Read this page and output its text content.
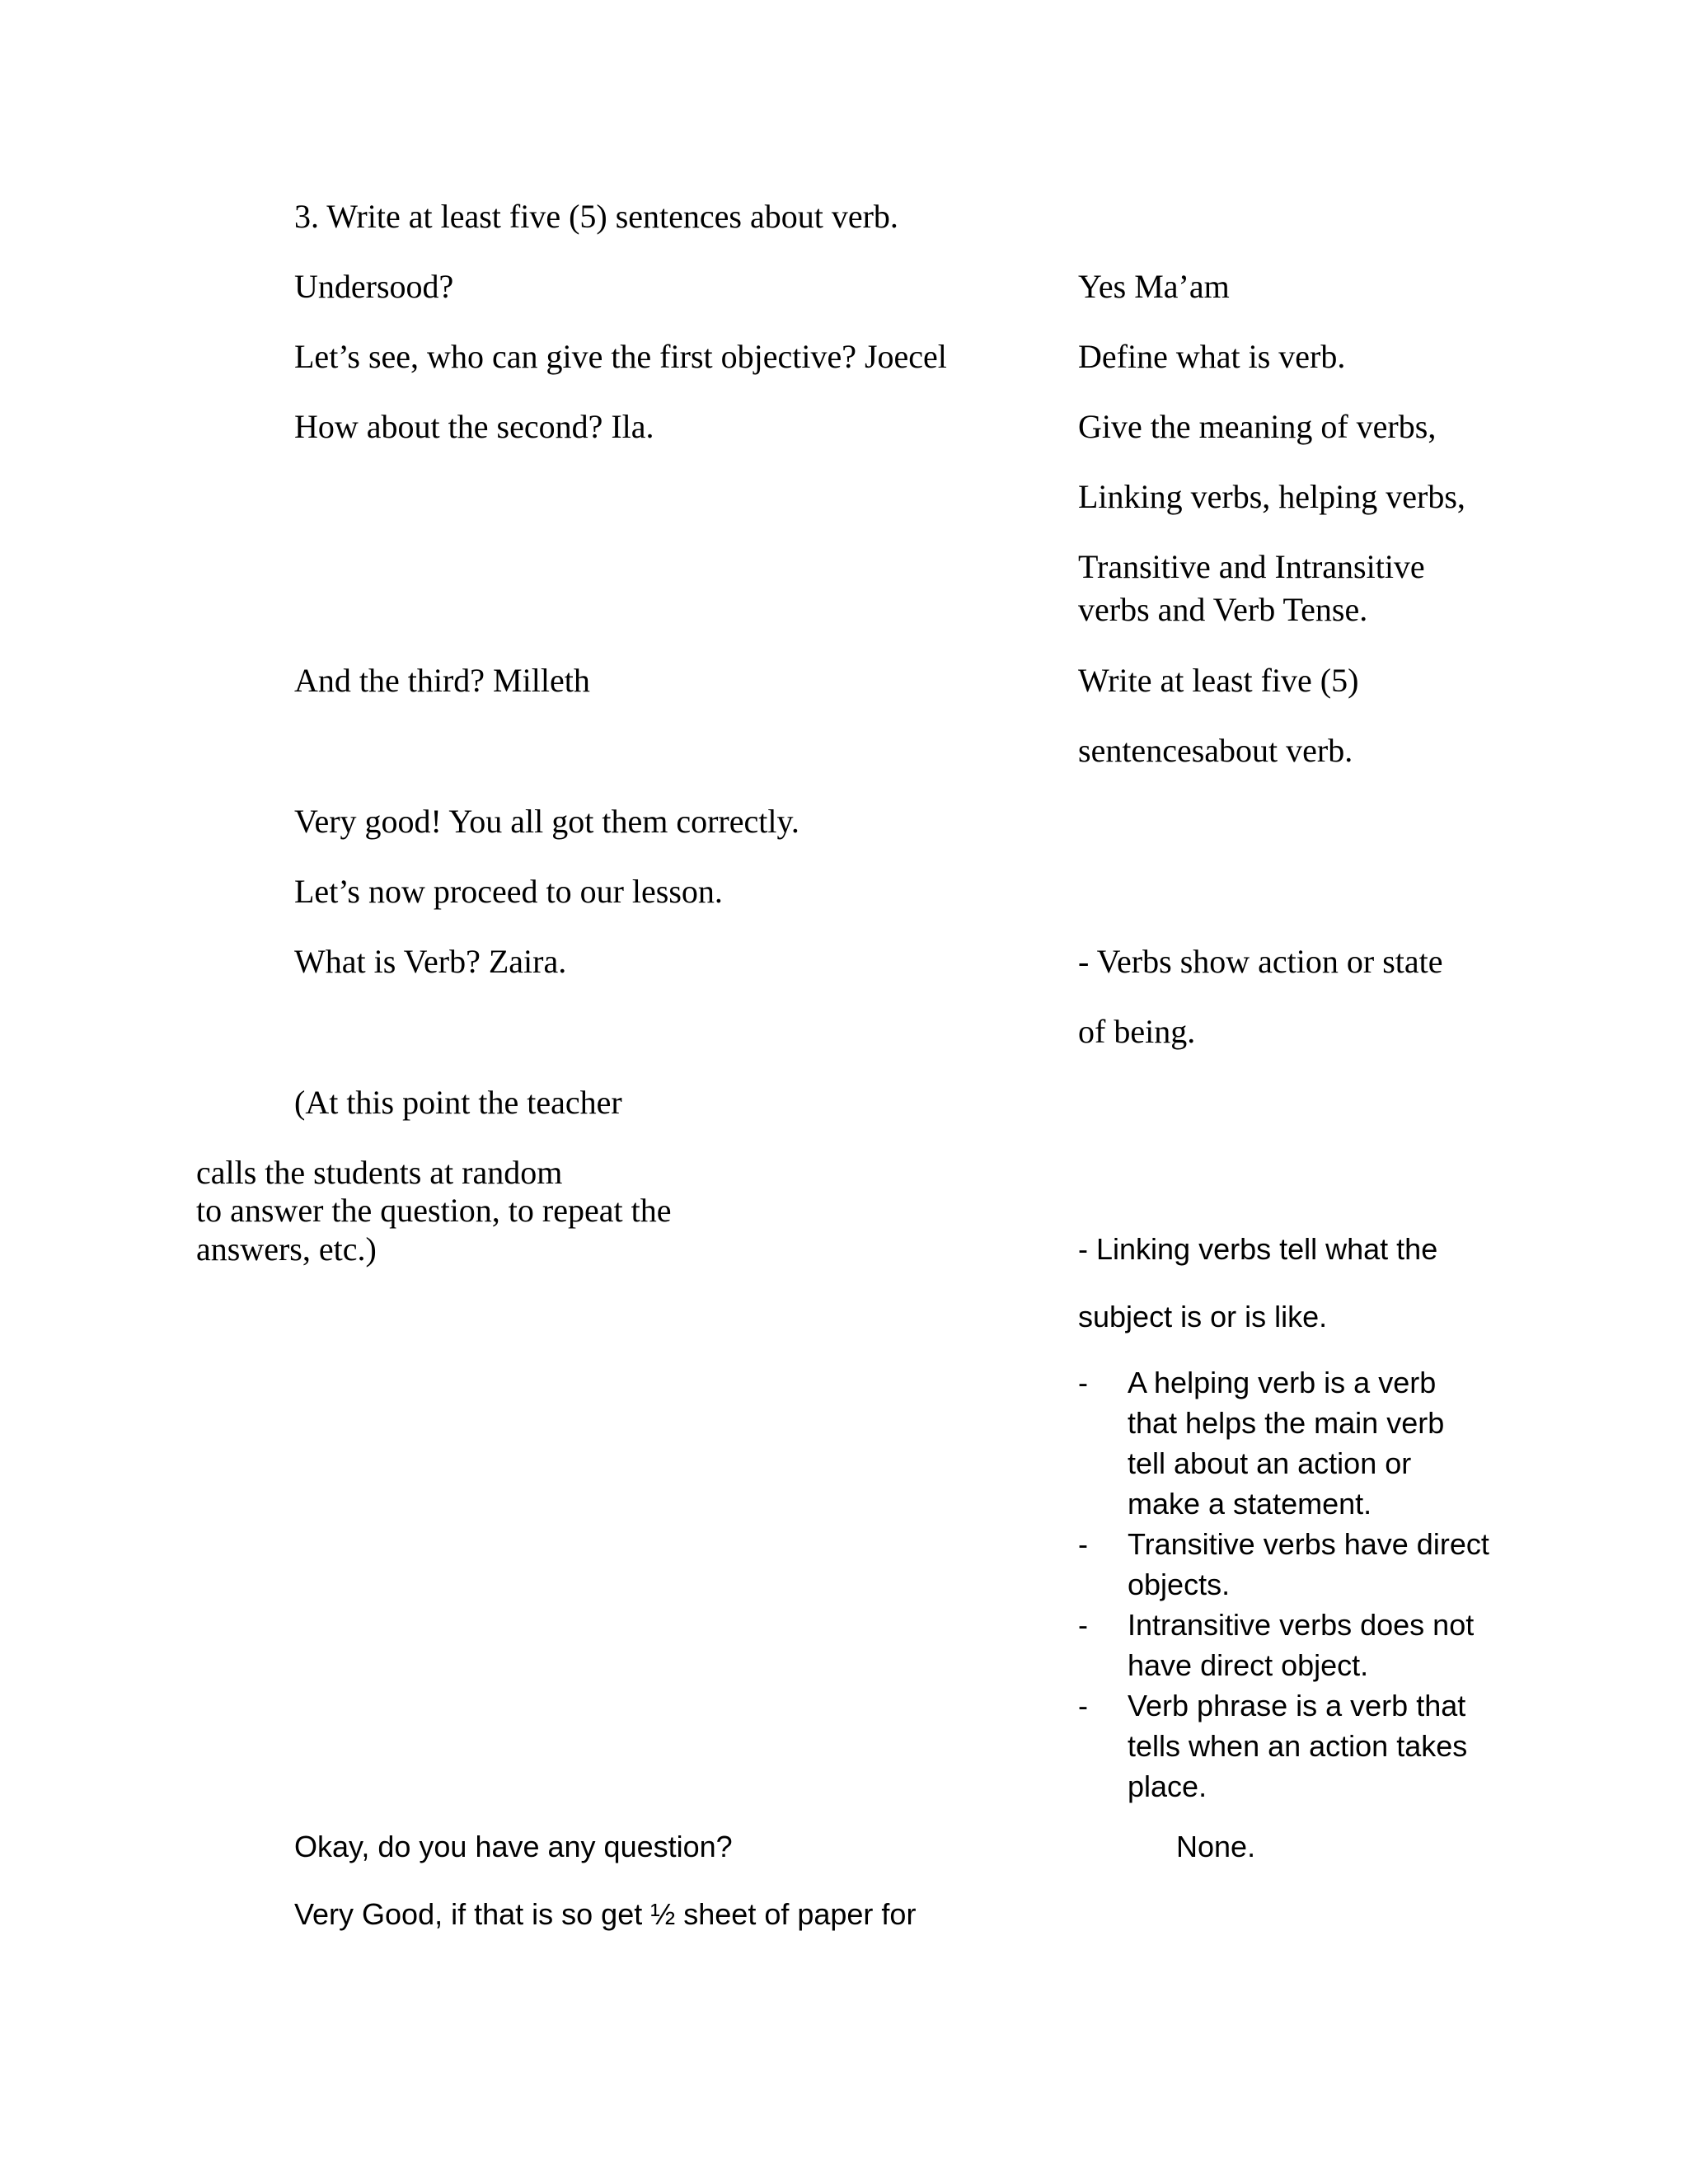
3. Write at least five (5) sentences about verb.
Undersood?
Let’s see, who can give the first objective? Joecel
How about the second? Ila.
And the third? Milleth
Very good! You all got them correctly.
Let’s now proceed to our lesson.
What is Verb? Zaira.
(At this point the teacher
calls the students at random
to answer the question, to repeat the
answers, etc.)
Okay, do you have any question?
Very Good, if that is so get ½ sheet of paper for
Yes Ma’am
Define what is verb.
Give the meaning of verbs,
Linking verbs, helping verbs,
Transitive and Intransitive
verbs and Verb Tense.
Write at least five (5)
sentencesabout verb.
- Verbs show action or state
of being.
- Linking verbs tell what the
subject is or is like.
- A helping verb is a verb that helps the main verb tell about an action or make a statement.
- Transitive verbs have direct objects.
- Intransitive verbs does not have direct object.
- Verb phrase is a verb that tells when an action takes place.
None.
